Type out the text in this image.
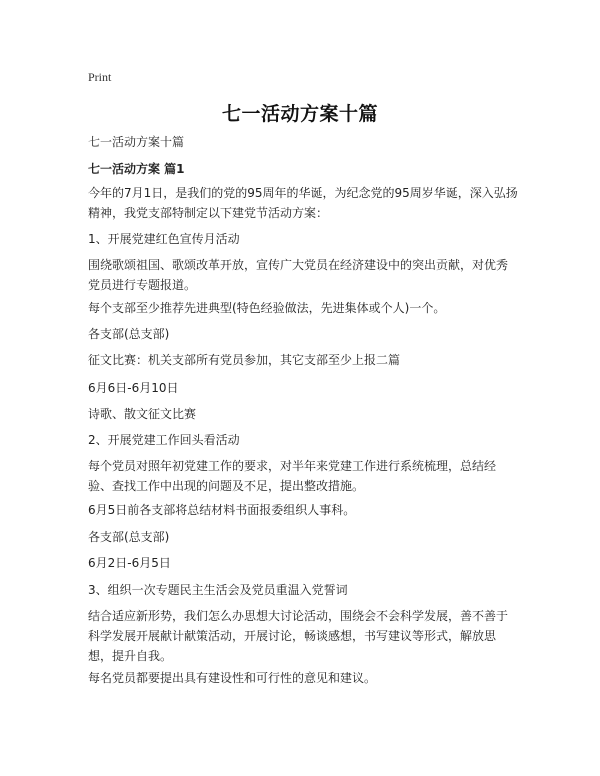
Print
七一活动方案十篇
七一活动方案十篇
七一活动方案 篇1
今年的7月1日，是我们的党的95周年的华诞，为纪念党的95周岁华诞，深入弘扬精神，我党支部特制定以下建党节活动方案：
1、开展党建红色宣传月活动
围绕歌颂祖国、歌颂改革开放，宣传广大党员在经济建设中的突出贡献，对优秀党员进行专题报道。
每个支部至少推荐先进典型(特色经验做法，先进集体或个人)一个。
各支部(总支部)
征文比赛：机关支部所有党员参加，其它支部至少上报二篇
6月6日-6月10日
诗歌、散文征文比赛
2、开展党建工作回头看活动
每个党员对照年初党建工作的要求，对半年来党建工作进行系统梳理，总结经验、查找工作中出现的问题及不足，提出整改措施。
6月5日前各支部将总结材料书面报委组织人事科。
各支部(总支部)
6月2日-6月5日
3、组织一次专题民主生活会及党员重温入党誓词
结合适应新形势，我们怎么办思想大讨论活动，围绕会不会科学发展，善不善于科学发展开展献计献策活动，开展讨论，畅谈感想，书写建议等形式，解放思想，提升自我。
每名党员都要提出具有建设性和可行性的意见和建议。
